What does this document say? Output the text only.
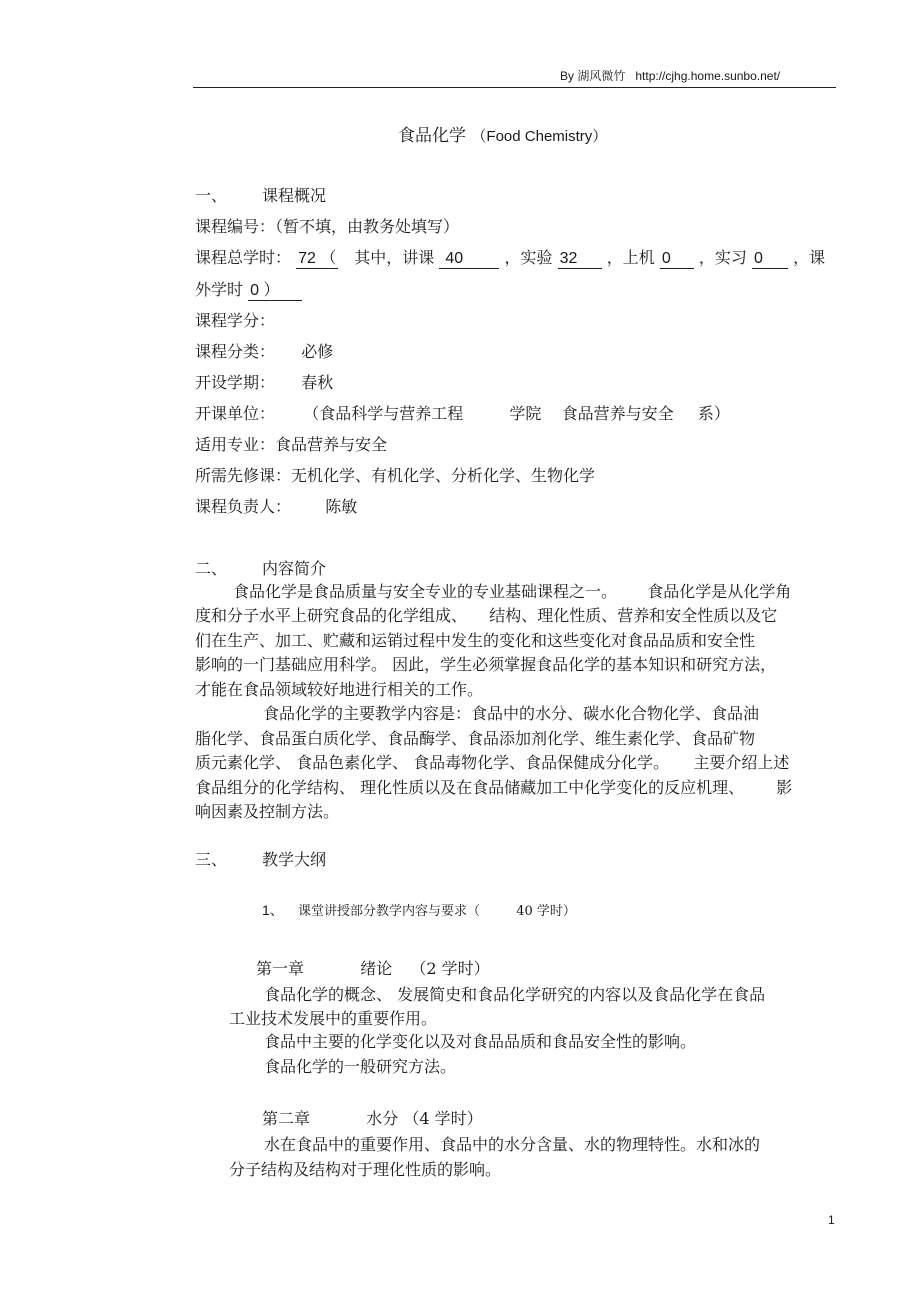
By 湖风微竹 http://cjhg.home.sunbo.net/
食品化学 （Food Chemistry）
一、 课程概况
课程编号：（暂不填，由教务处填写）
课程总学时： 72 （ 其中，讲课 40	，实验 32 ，上机 0 ，实习 0 ，课
外学时 0 ）
课程学分：
课程分类： 必修
开设学期： 春秋
开课单位： （食品科学与营养工程	学院 食品营养与安全 系）
适用专业：食品营养与安全
所需先修课：无机化学、有机化学、分析化学、生物化学
课程负责人： 陈敏
二、 内容简介
食品化学是食品质量与安全专业的专业基础课程之一。 食品化学是从化学角
度和分子水平上研究食品的化学组成、 结构、理化性质、营养和安全性质以及它
们在生产、加工、贮藏和运销过程中发生的变化和这些变化对食品品质和安全性
影响的一门基础应用科学。 因此，学生必须掌握食品化学的基本知识和研究方法，
才能在食品领域较好地进行相关的工作。
食品化学的主要教学内容是：食品中的水分、碳水化合物化学、食品油
脂化学、食品蛋白质化学、食品酶学、食品添加剂化学、维生素化学、食品矿物
质元素化学、 食品色素化学、 食品毒物化学、食品保健成分化学。 主要介绍上述
食品组分的化学结构、 理化性质以及在食品储藏加工中化学变化的反应机理、 影
响因素及控制方法。
三、 教学大纲
1、 课堂讲授部分教学内容与要求（	40 学时）
第一章	绪论 （2 学时）
食品化学的概念、 发展简史和食品化学研究的内容以及食品化学在食品
工业技术发展中的重要作用。
食品中主要的化学变化以及对食品品质和食品安全性的影响。
食品化学的一般研究方法。
第二章	水分 （4 学时）
水在食品中的重要作用、食品中的水分含量、水的物理特性。水和冰的
分子结构及结构对于理化性质的影响。
1
